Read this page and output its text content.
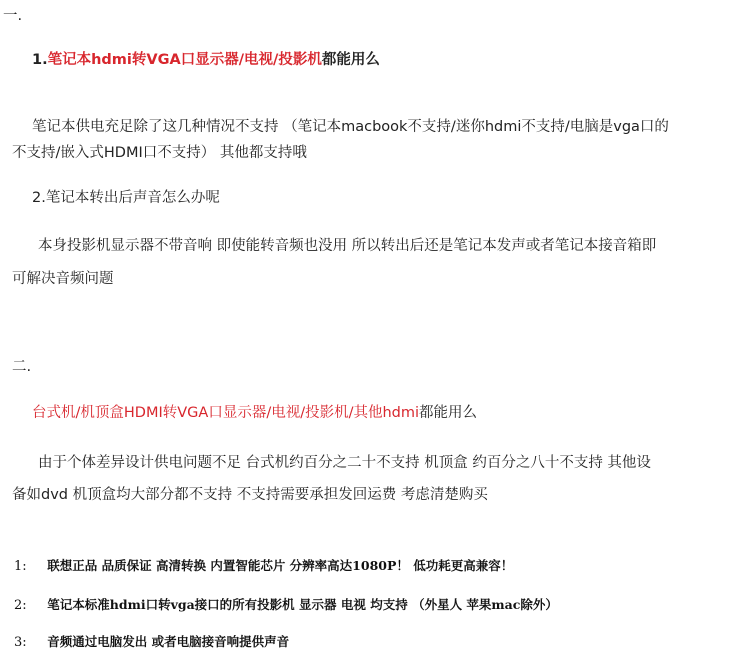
一.
1.笔记本hdmi转VGA口显示器/电视/投影机都能用么
笔记本供电充足除了这几种情况不支持 （笔记本macbook不支持/迷你hdmi不支持/电脑是vga口的
不支持/嵌入式HDMI口不支持） 其他都支持哦
2.笔记本转出后声音怎么办呢
本身投影机显示器不带音响 即使能转音频也没用 所以转出后还是笔记本发声或者笔记本接音箱即
可解决音频问题
二.
台式机/机顶盒HDMI转VGA口显示器/电视/投影机/其他hdmi都能用么
由于个体差异设计供电问题不足 台式机约百分之二十不支持 机顶盒 约百分之八十不支持 其他设
备如dvd 机顶盒均大部分都不支持 不支持需要承担发回运费 考虑清楚购买
1: 联想正品 品质保证 高清转换 内置智能芯片 分辨率高达1080P！ 低功耗更高兼容！
2: 笔记本标准hdmi口转vga接口的所有投影机 显示器 电视 均支持 （外星人 苹果mac除外）
3: 音频通过电脑发出 或者电脑接音响提供声音
